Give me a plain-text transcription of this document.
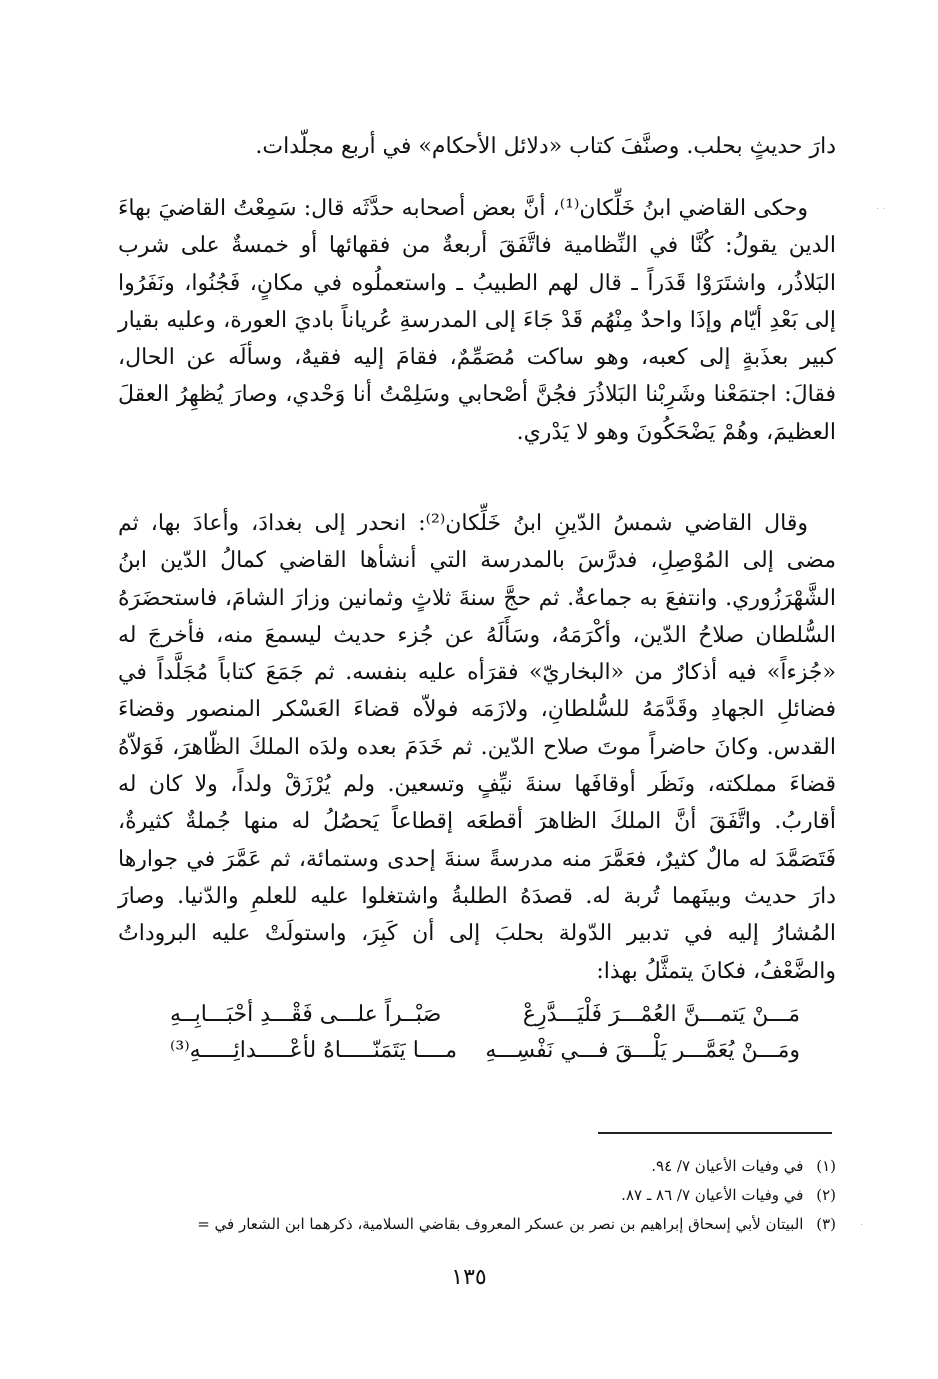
دارَ حديثٍ بحلب. وصنَّفَ كتاب «دلائل الأحكام» في أربع مجلّدات.

وحكى القاضي ابنُ خَلِّكان⁽¹⁾، أنَّ بعض أصحابه حدَّثَه قال: سَمِعْتُ القاضيَ بهاءَ الدين يقولُ: كُنَّا في النِّظامية فاتَّفَقَ أربعةٌ من فقهائها أو خمسةٌ على شرب البَلاذُر، واشتَرَوْا قَدَراً ـ قال لهم الطبيبُ ـ واستعملُوه في مكانٍ، فَجُنُوا، ونَفَرُوا إلى بَعْدِ أيّام وإذَا واحدٌ مِنْهُم قَدْ جَاءَ إلى المدرسةِ عُرياناً باديَ العورة، وعليه بقيار كبير بعذَبةٍ إلى كعبه، وهو ساكت مُصَمِّمٌ، فقامَ إليه فقيهٌ، وسألَه عن الحال، فقالَ: اجتمَعْنا وشَرِبْنا البَلاذُرَ فجُنَّ أصْحابي وسَلِمْتُ أنا وَحْدي، وصارَ يُظهِرُ العقلَ العظيمَ، وهُمْ يَضْحَكُونَ وهو لا يَدْري.

وقال القاضي شمسُ الدّينِ ابنُ خَلِّكان⁽²⁾: انحدر إلى بغدادَ، وأعادَ بها، ثم مضى إلى المُوْصِلِ، فدرَّسَ بالمدرسة التي أنشأها القاضي كمالُ الدّين ابنُ الشَّهْرَزُوري. وانتفعَ به جماعةٌ. ثم حجَّ سنةَ ثلاثٍ وثمانين وزارَ الشامَ، فاستحضَرَهُ السُّلطان صلاحُ الدّين، وأكْرَمَهُ، وسَأَلَهُ عن جُزء حديث ليسمعَ منه، فأخرجَ له «جُزءاً» فيه أذكارٌ من «البخاريّ» فقرَأه عليه بنفسه. ثم جَمَعَ كتاباً مُجَلَّداً في فضائلِ الجهادِ وقَدَّمَهُ للسُّلطانِ، ولازَمَه فولاّه قضاءَ العَسْكر المنصور وقضاءَ القدس. وكانَ حاضراً موتَ صلاح الدّين. ثم خَدَمَ بعده ولدَه الملكَ الظّاهرَ، فَوَلاّهُ قضاءَ مملكته، ونَظَر أوقافَها سنةَ نيِّفٍ وتسعين. ولم يُرْزَقْ ولداً، ولا كان له أقاربُ. واتَّفَقَ أنَّ الملكَ الظاهرَ أقطعَه إقطاعاً يَحصُلُ له منها جُملةٌ كثيرةٌ، فَتَصَمَّدَ له مالٌ كثيرٌ، فعَمَّرَ منه مدرسةً سنةَ إحدى وستمائة، ثم عَمَّرَ في جوارها دارَ حديث وبينَهما تُربة له. قصدَهُ الطلبةُ واشتغلوا عليه للعلمِ والدّنيا. وصارَ المُشارُ إليه في تدبير الدّولة بحلبَ إلى أن كَبِرَ، واستولَتْ عليه البروداتُ والضَّعْفُ، فكانَ يتمثَّلُ بهذا:

مَـــنْ يَتمـــنَّ العُمْـــرَ فَلْيَـــدَّرِعْ
صَبْــراً علـــى فَقْـــدِ أحْبَـــابِــهِ
ومَـــنْ يُعَمَّـــر يَلْـــقَ فـــي نَفْسِـــهِ
مــــا يَتَمَنّـــــاهُ لأعْـــــدائِـــــهِ⁽³⁾
(١) في وفيات الأعيان ٧/ ٩٤.
(٢) في وفيات الأعيان ٧/ ٨٦ ـ ٨٧.
(٣) البيتان لأبي إسحاق إبراهيم بن نصر بن عسكر المعروف بقاضي السلامية، ذكرهما ابن الشعار في =
١٣٥
· ·
·
